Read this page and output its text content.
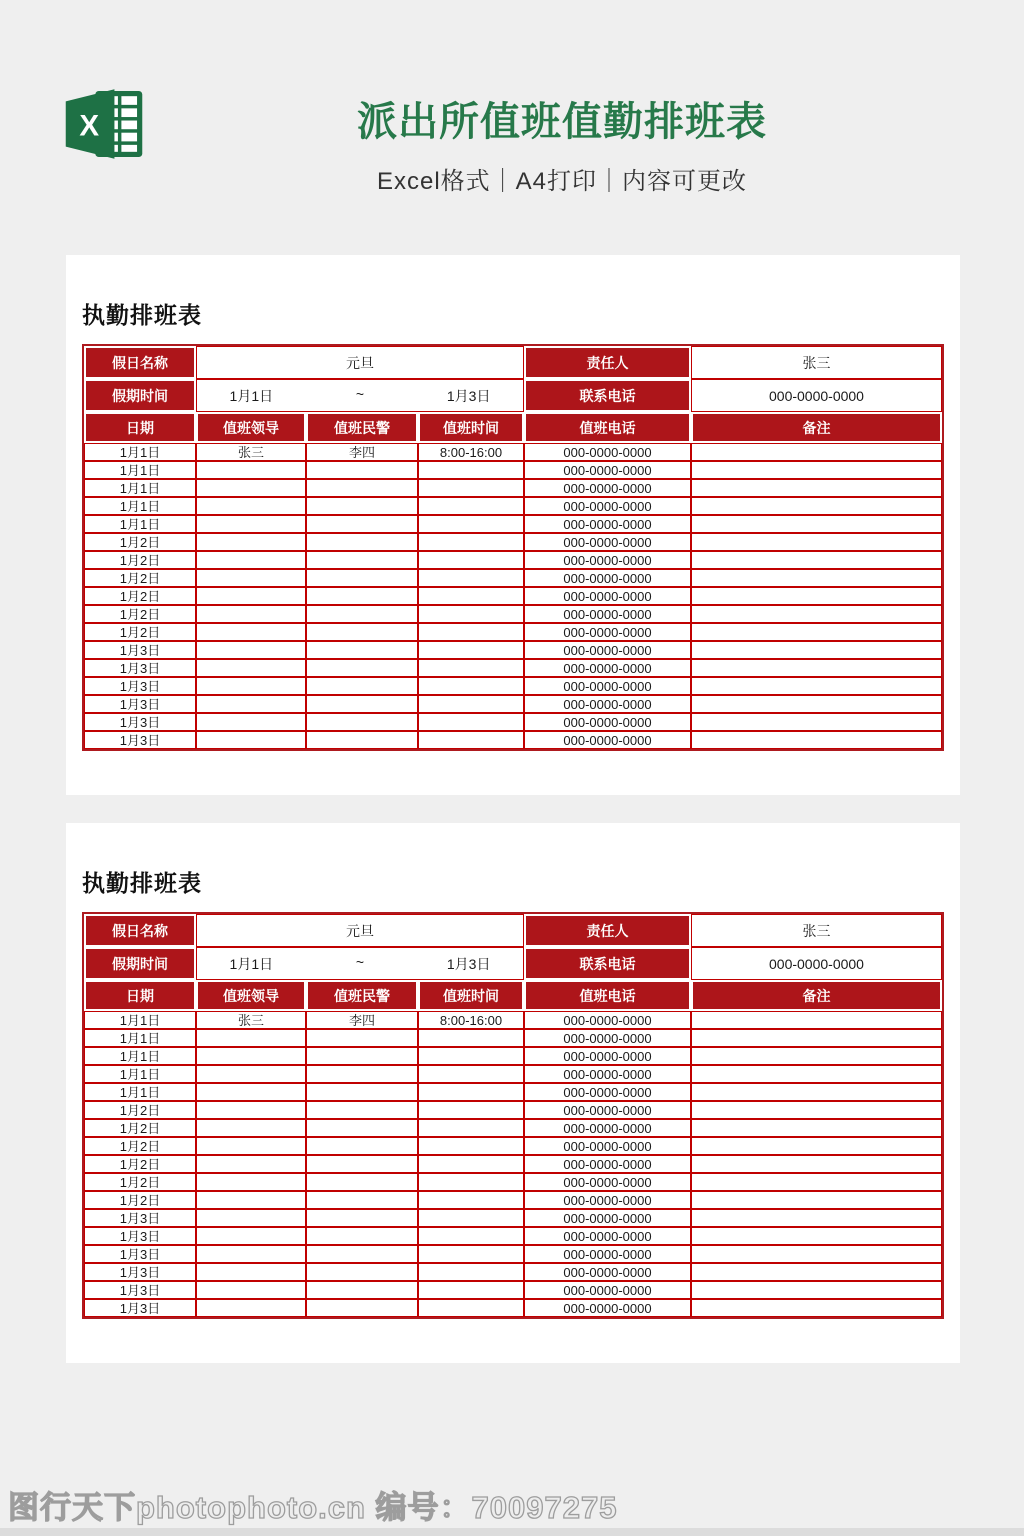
X	派出所值班值勤排班表
Excel格式｜A4打印｜内容可更改
执勤排班表
假日名称	元旦			责任人	张三
假期时间	1月1日 ~ 1月3日			联系电话	000-0000-0000
日期	值班领导	值班民警	值班时间	值班电话	备注
1月1日	张三	李四	8:00-16:00	000-0000-0000	
1月1日				000-0000-0000	
1月1日				000-0000-0000	
1月1日				000-0000-0000	
1月1日				000-0000-0000	
1月2日				000-0000-0000	
1月2日				000-0000-0000	
1月2日				000-0000-0000	
1月2日				000-0000-0000	
1月2日				000-0000-0000	
1月2日				000-0000-0000	
1月3日				000-0000-0000	
1月3日				000-0000-0000	
1月3日				000-0000-0000	
1月3日				000-0000-0000	
1月3日				000-0000-0000	
1月3日				000-0000-0000	
执勤排班表
假日名称	元旦			责任人	张三
假期时间	1月1日 ~ 1月3日			联系电话	000-0000-0000
日期	值班领导	值班民警	值班时间	值班电话	备注
1月1日	张三	李四	8:00-16:00	000-0000-0000	
1月1日				000-0000-0000	
1月1日				000-0000-0000	
1月1日				000-0000-0000	
1月1日				000-0000-0000	
1月2日				000-0000-0000	
1月2日				000-0000-0000	
1月2日				000-0000-0000	
1月2日				000-0000-0000	
1月2日				000-0000-0000	
1月2日				000-0000-0000	
1月3日				000-0000-0000	
1月3日				000-0000-0000	
1月3日				000-0000-0000	
1月3日				000-0000-0000	
1月3日				000-0000-0000	
1月3日				000-0000-0000	
图行天下photophoto.cn 编号：70097275
